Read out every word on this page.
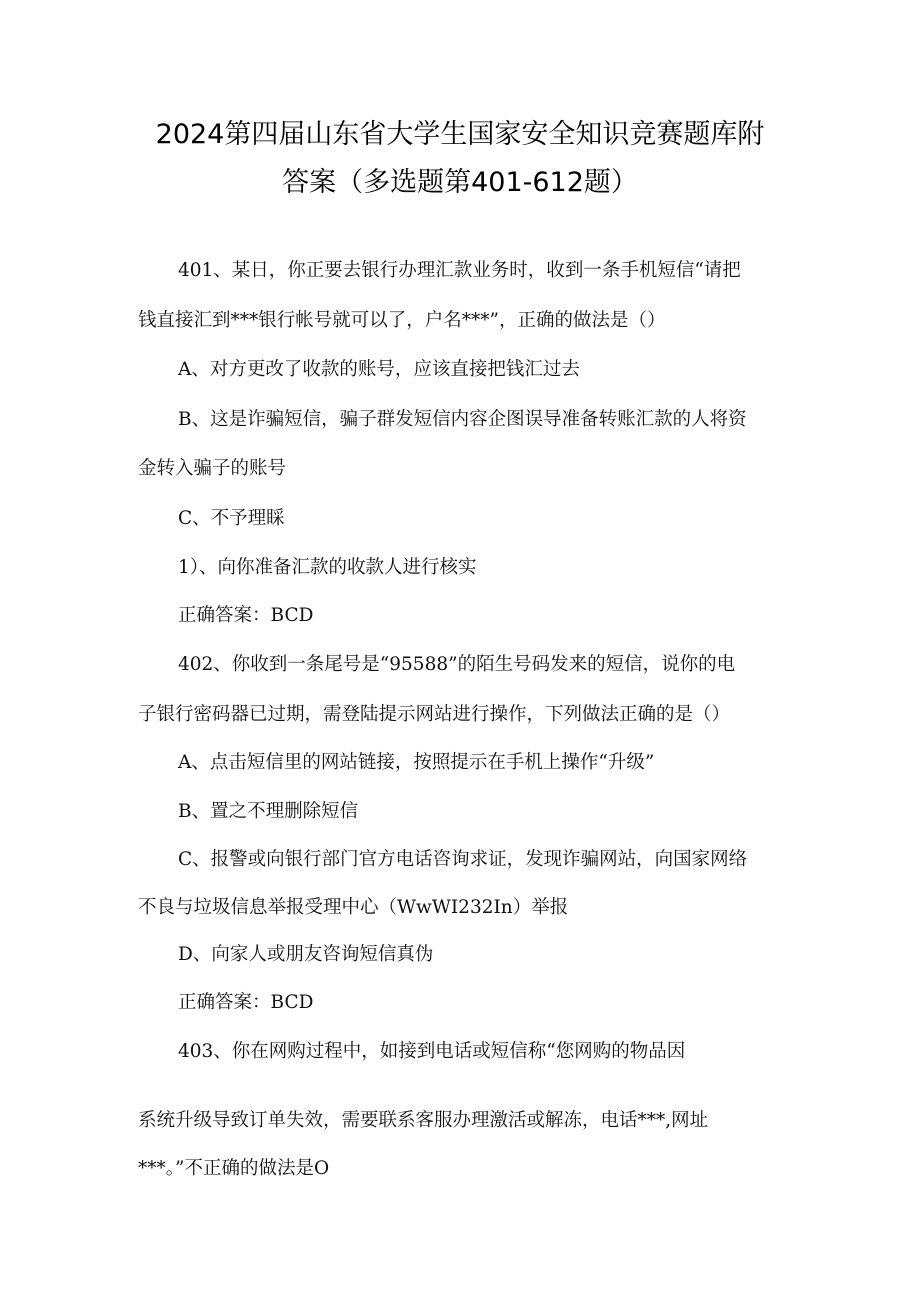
2024第四届山东省大学生国家安全知识竞赛题库附
答案（多选题第401-612题）
401、某日，你正要去银行办理汇款业务时，收到一条手机短信“请把
钱直接汇到***银行帐号就可以了，户名***”，正确的做法是（）
A、对方更改了收款的账号，应该直接把钱汇过去
B、这是诈骗短信，骗子群发短信内容企图误导准备转账汇款的人将资
金转入骗子的账号
C、不予理睬
1）、向你准备汇款的收款人进行核实
正确答案：BCD
402、你收到一条尾号是“95588”的陌生号码发来的短信，说你的电
子银行密码器已过期，需登陆提示网站进行操作，下列做法正确的是（）
A、点击短信里的网站链接，按照提示在手机上操作“升级”
B、置之不理删除短信
C、报警或向银行部门官方电话咨询求证，发现诈骗网站，向国家网络
不良与垃圾信息举报受理中心（WwWI232In）举报
D、向家人或朋友咨询短信真伪
正确答案：BCD
403、你在网购过程中，如接到电话或短信称“您网购的物品因
系统升级导致订单失效，需要联系客服办理激活或解冻，电话***,网址
***。”不正确的做法是O
